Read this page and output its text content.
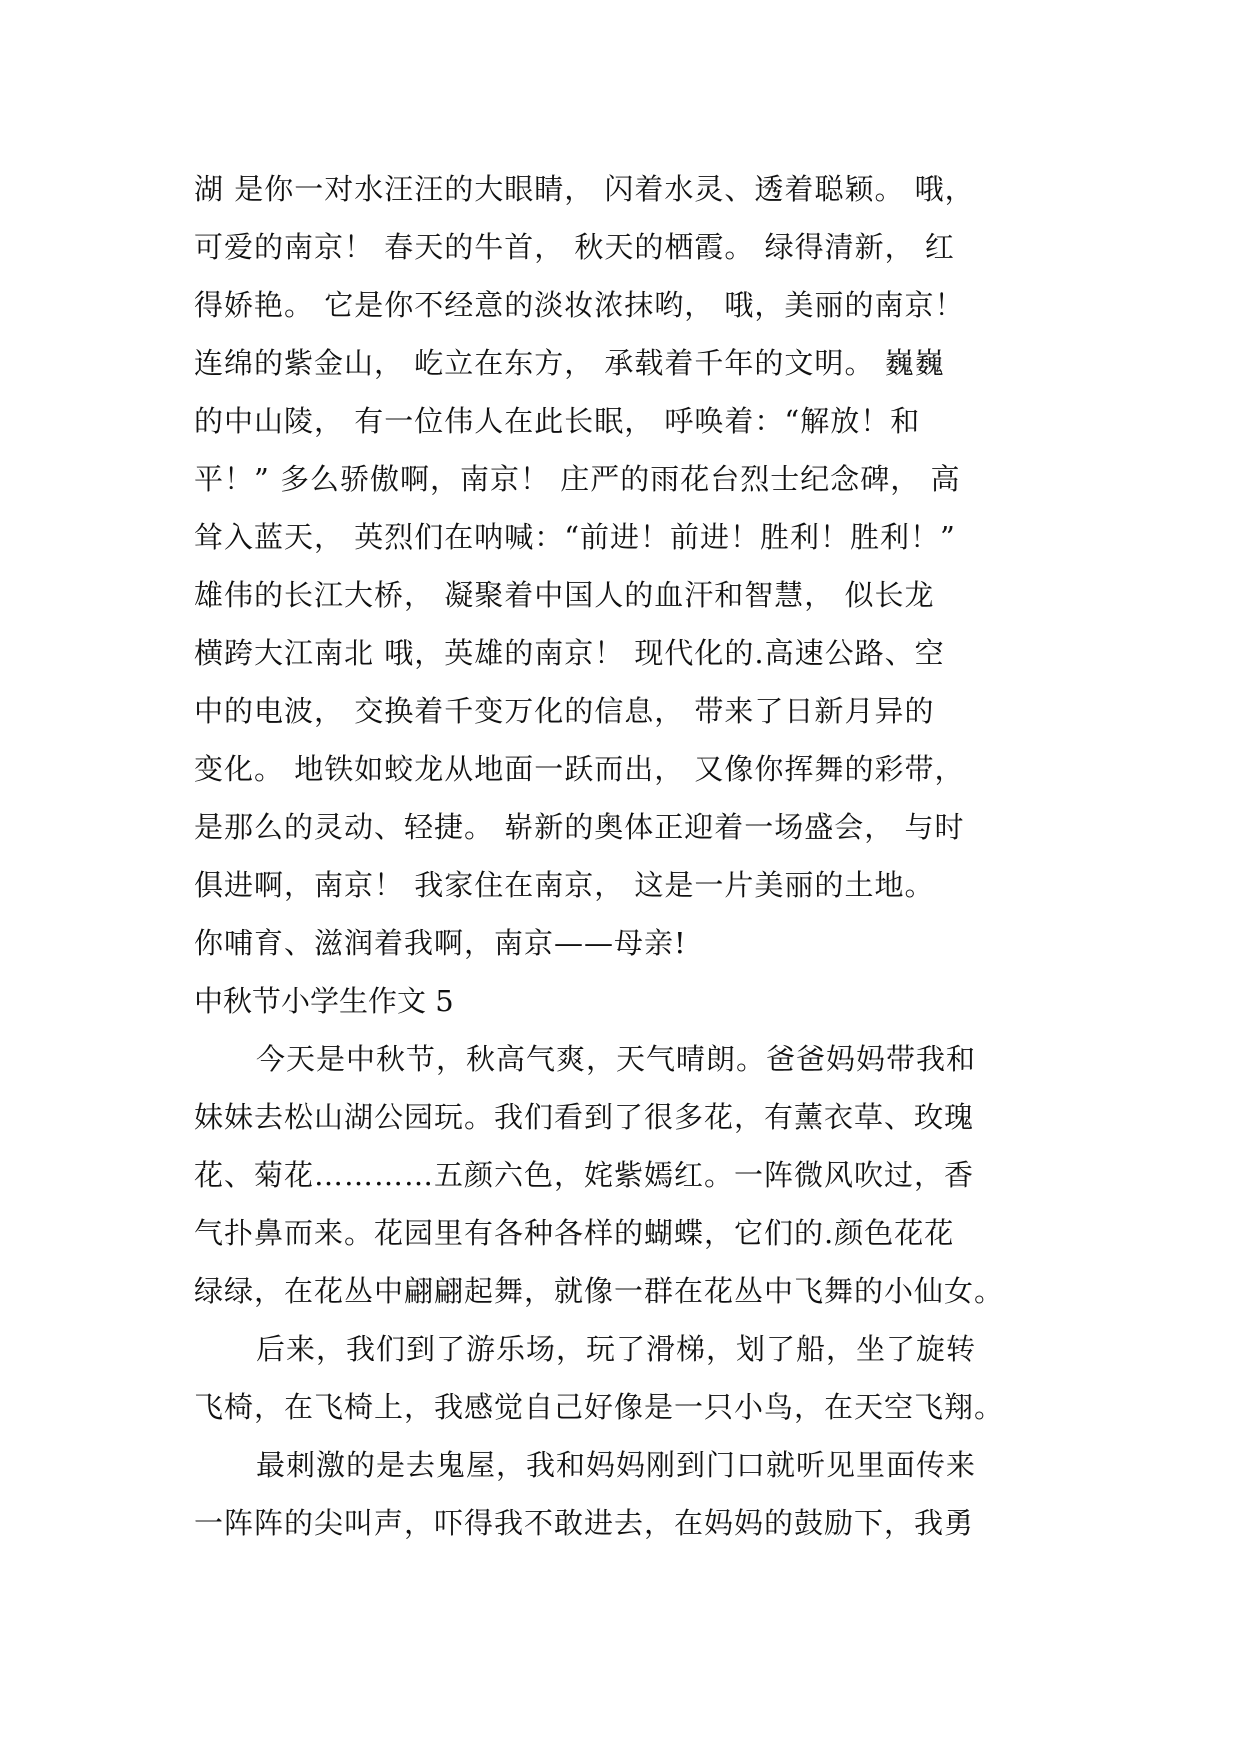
湖 是你一对水汪汪的大眼睛， 闪着水灵、透着聪颖。 哦，
可爱的南京！ 春天的牛首， 秋天的栖霞。 绿得清新， 红
得娇艳。 它是你不经意的淡妆浓抹哟， 哦，美丽的南京！
连绵的紫金山， 屹立在东方， 承载着千年的文明。 巍巍
的中山陵， 有一位伟人在此长眠， 呼唤着：“解放！和
平！” 多么骄傲啊，南京！ 庄严的雨花台烈士纪念碑， 高
耸入蓝天， 英烈们在呐喊：“前进！前进！胜利！胜利！”
雄伟的长江大桥， 凝聚着中国人的血汗和智慧， 似长龙
横跨大江南北 哦，英雄的南京！ 现代化的.高速公路、空
中的电波， 交换着千变万化的信息， 带来了日新月异的
变化。 地铁如蛟龙从地面一跃而出， 又像你挥舞的彩带，
是那么的灵动、轻捷。 崭新的奥体正迎着一场盛会， 与时
俱进啊，南京！ 我家住在南京， 这是一片美丽的土地。
你哺育、滋润着我啊，南京——母亲!
中秋节小学生作文 5
今天是中秋节，秋高气爽，天气晴朗。爸爸妈妈带我和
妹妹去松山湖公园玩。我们看到了很多花，有薰衣草、玫瑰
花、菊花…………五颜六色，姹紫嫣红。一阵微风吹过，香
气扑鼻而来。花园里有各种各样的蝴蝶，它们的.颜色花花
绿绿，在花丛中翩翩起舞，就像一群在花丛中飞舞的小仙女。
后来，我们到了游乐场，玩了滑梯，划了船，坐了旋转
飞椅，在飞椅上，我感觉自己好像是一只小鸟，在天空飞翔。
最刺激的是去鬼屋，我和妈妈刚到门口就听见里面传来
一阵阵的尖叫声，吓得我不敢进去，在妈妈的鼓励下，我勇
